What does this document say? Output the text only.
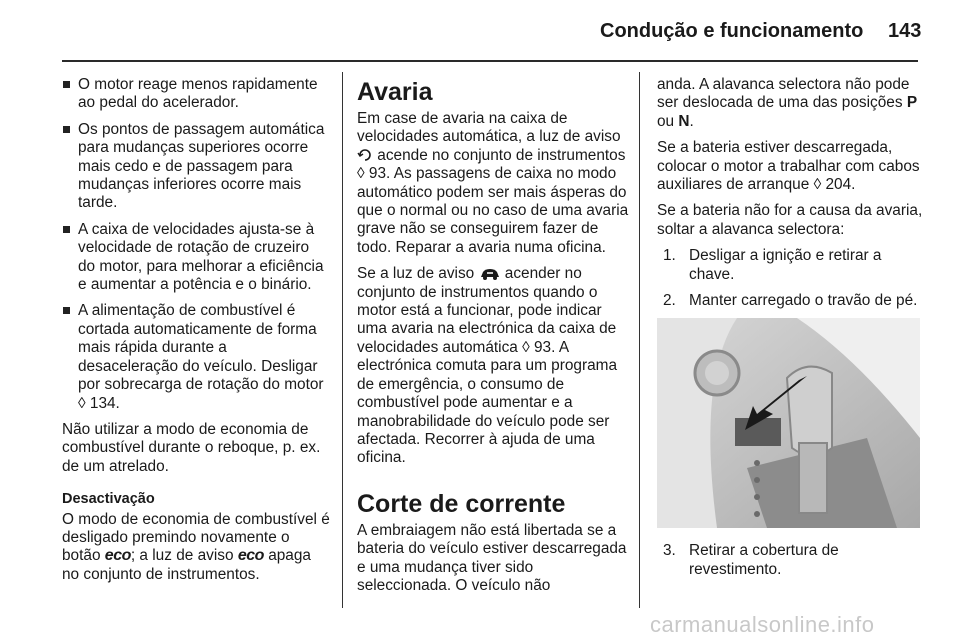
Condução e funcionamento 143
O motor reage menos rapidamente ao pedal do acelerador.
Os pontos de passagem automática para mudanças superiores ocorre mais cedo e de passagem para mudanças inferiores ocorre mais tarde.
A caixa de velocidades ajusta-se à velocidade de rotação de cruzeiro do motor, para melhorar a eficiência e aumentar a potência e o binário.
A alimentação de combustível é cortada automaticamente de forma mais rápida durante a desaceleração do veículo. Desligar por sobrecarga de rotação do motor ◊ 134.
Não utilizar a modo de economia de combustível durante o reboque, p. ex. de um atrelado.
Desactivação
O modo de economia de combustível é desligado premindo novamente o botão eco; a luz de aviso eco apaga no conjunto de instrumentos.
Avaria
Em case de avaria na caixa de velocidades automática, a luz de aviso  acende no conjunto de instrumentos ◊ 93. As passagens de caixa no modo automático podem ser mais ásperas do que o normal ou no caso de uma avaria grave não se conseguirem fazer de todo. Reparar a avaria numa oficina.
Se a luz de aviso acender no conjunto de instrumentos quando o motor está a funcionar, pode indicar uma avaria na electrónica da caixa de velocidades automática ◊ 93. A electrónica comuta para um programa de emergência, o consumo de combustível pode aumentar e a manobrabilidade do veículo pode ser afectada. Recorrer à ajuda de uma oficina.
Corte de corrente
A embraiagem não está libertada se a bateria do veículo estiver descarregada e uma mudança tiver sido seleccionada. O veículo não
anda. A alavanca selectora não pode ser deslocada de uma das posições P ou N.
Se a bateria estiver descarregada, colocar o motor a trabalhar com cabos auxiliares de arranque ◊ 204.
Se a bateria não for a causa da avaria, soltar a alavanca selectora:
1. Desligar a ignição e retirar a chave.
2. Manter carregado o travão de pé.
3. Retirar a cobertura de revestimento.
carmanualsonline.info
